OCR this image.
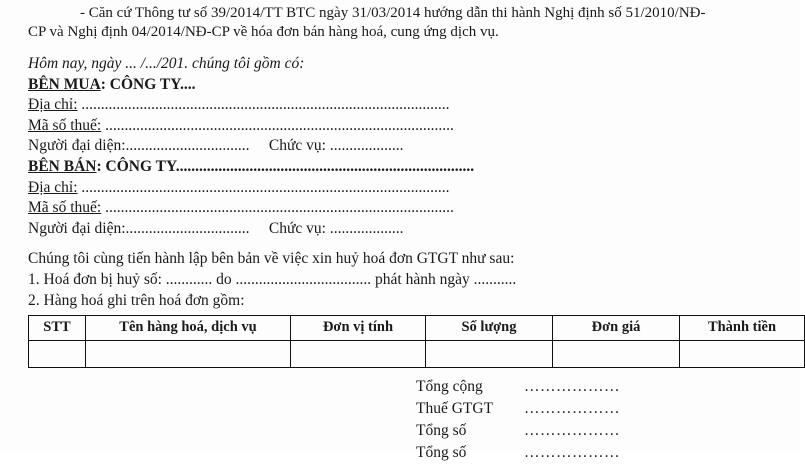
- Căn cứ Thông tư số 39/2014/TT BTC ngày 31/03/2014 hướng dẫn thi hành Nghị định số 51/2010/NĐ-
CP và Nghị định 04/2014/NĐ-CP về hóa đơn bán hàng hoá, cung ứng dịch vụ.
Hôm nay, ngày ... /.../201. chúng tôi gồm có:
BÊN MUA: CÔNG TY....
Địa chỉ: ...............................................................................................
Mã số thuế: ..........................................................................................
Người đại diện:................................ Chức vụ: ...................
BÊN BÁN: CÔNG TY.............................................................................
Địa chỉ: ...............................................................................................
Mã số thuế: ..........................................................................................
Người đại diện:................................ Chức vụ: ...................
Chúng tôi cùng tiến hành lập bên bản về việc xin huỷ hoá đơn GTGT như sau:
1. Hoá đơn bị huỷ số: ............ do ................................... phát hành ngày ...........
2. Hàng hoá ghi trên hoá đơn gồm:
STT	Tên hàng hoá, dịch vụ	Đơn vị tính	Số lượng	Đơn giá	Thành tiền

Tổng cộng	………………
Thuế GTGT	………………
Tổng số	………………
Tổng số	………………
